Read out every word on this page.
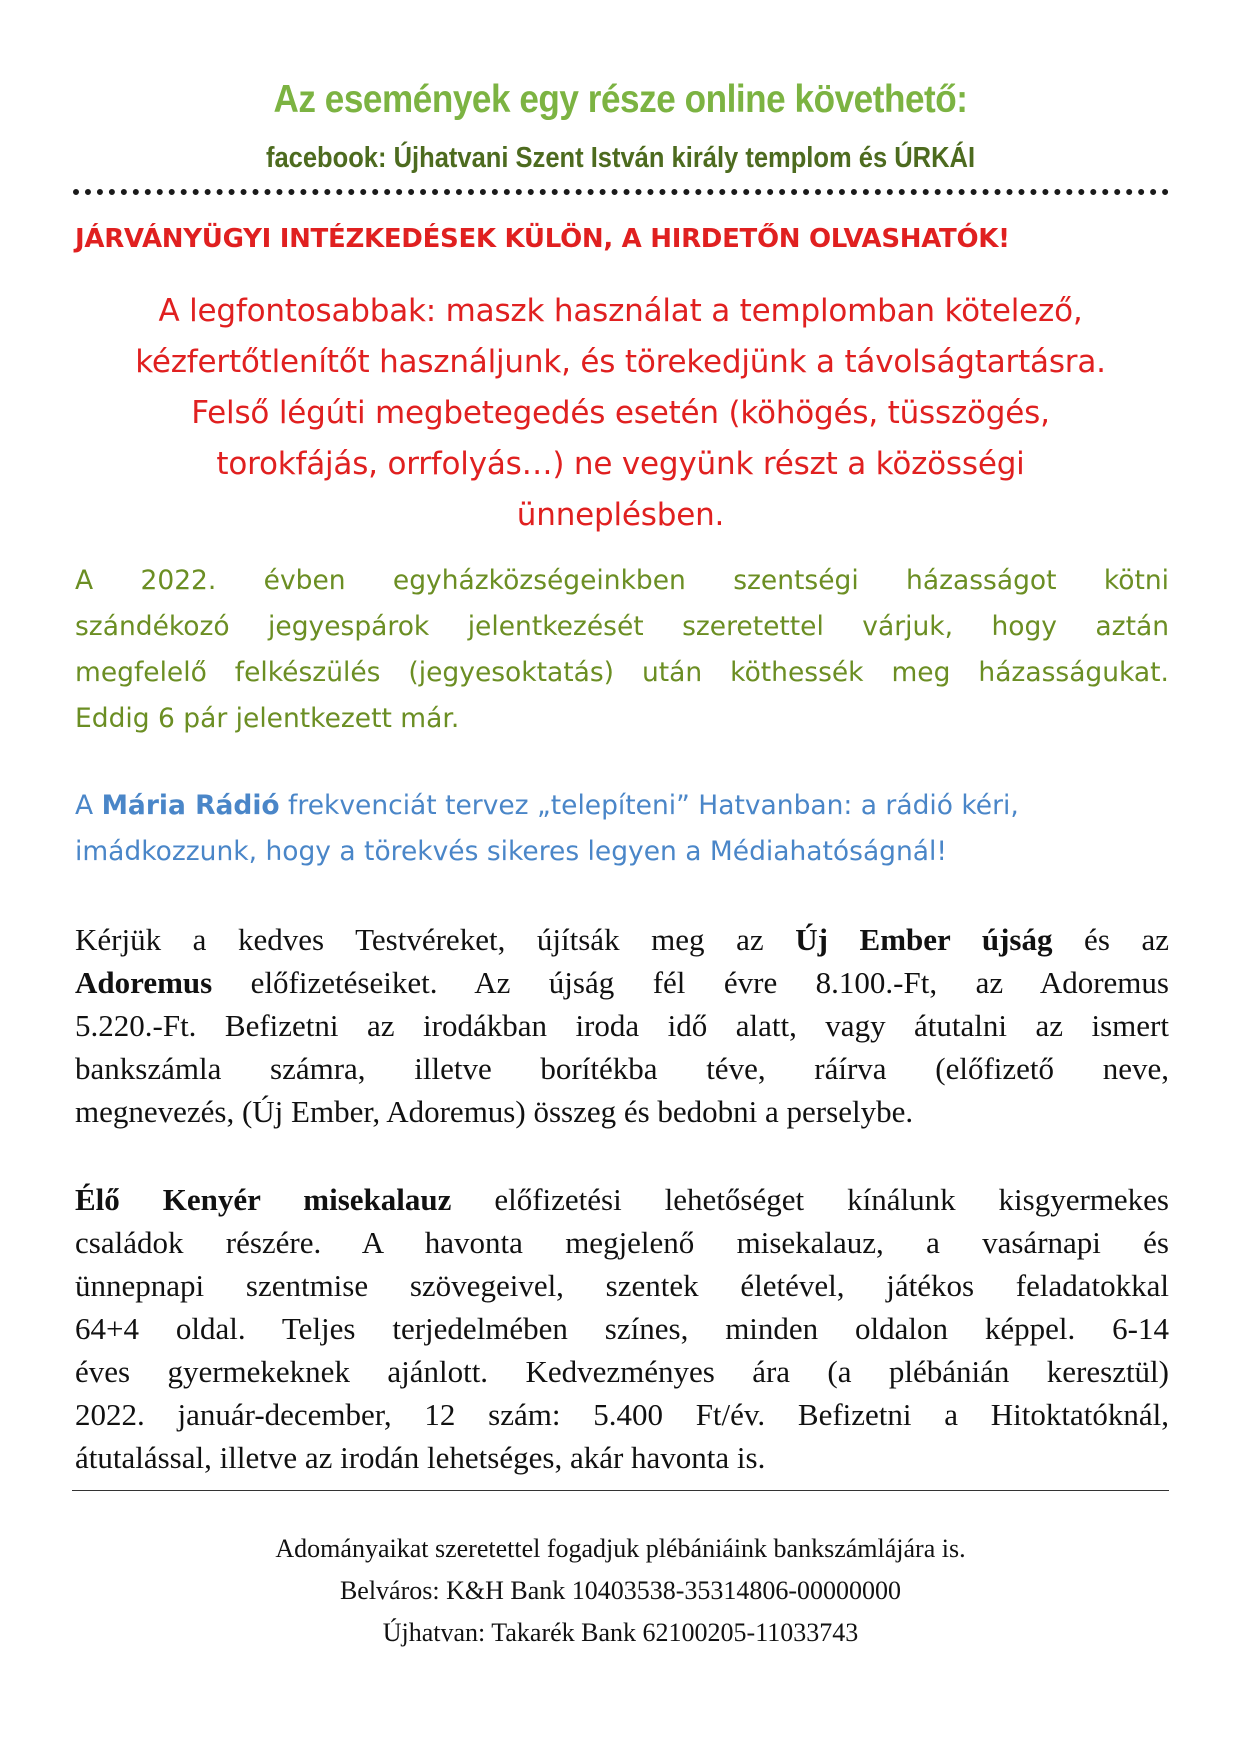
Az események egy része online követhető:
facebook: Újhatvani Szent István király templom és ÚRKÁI
JÁRVÁNYÜGYI INTÉZKEDÉSEK KÜLÖN, A HIRDETŐN OLVASHATÓK!
A legfontosabbak: maszk használat a templomban kötelező,
kézfertőtlenítőt használjunk, és törekedjünk a távolságtartásra.
Felső légúti megbetegedés esetén (köhögés, tüsszögés,
torokfájás, orrfolyás…) ne vegyünk részt a közösségi
ünneplésben.
A 2022. évben egyházközségeinkben szentségi házasságot kötni
szándékozó jegyespárok jelentkezését szeretettel várjuk, hogy aztán
megfelelő felkészülés (jegyesoktatás) után köthessék meg házasságukat.
Eddig 6 pár jelentkezett már.
A Mária Rádió frekvenciát tervez „telepíteni” Hatvanban: a rádió kéri,
imádkozzunk, hogy a törekvés sikeres legyen a Médiahatóságnál!
Kérjük a kedves Testvéreket, újítsák meg az Új Ember újság és az
Adoremus előfizetéseiket. Az újság fél évre 8.100.-Ft, az Adoremus
5.220.-Ft. Befizetni az irodákban iroda idő alatt, vagy átutalni az ismert
bankszámla számra, illetve borítékba téve, ráírva (előfizető neve,
megnevezés, (Új Ember, Adoremus) összeg és bedobni a perselybe.
Élő Kenyér misekalauz előfizetési lehetőséget kínálunk kisgyermekes
családok részére. A havonta megjelenő misekalauz, a vasárnapi és
ünnepnapi szentmise szövegeivel, szentek életével, játékos feladatokkal
64+4 oldal. Teljes terjedelmében színes, minden oldalon képpel. 6-14
éves gyermekeknek ajánlott. Kedvezményes ára (a plébánián keresztül)
2022. január-december, 12 szám: 5.400 Ft/év. Befizetni a Hitoktatóknál,
átutalással, illetve az irodán lehetséges, akár havonta is.
Adományaikat szeretettel fogadjuk plébániáink bankszámlájára is.
Belváros: K&H Bank 10403538-35314806-00000000
Újhatvan: Takarék Bank 62100205-11033743
